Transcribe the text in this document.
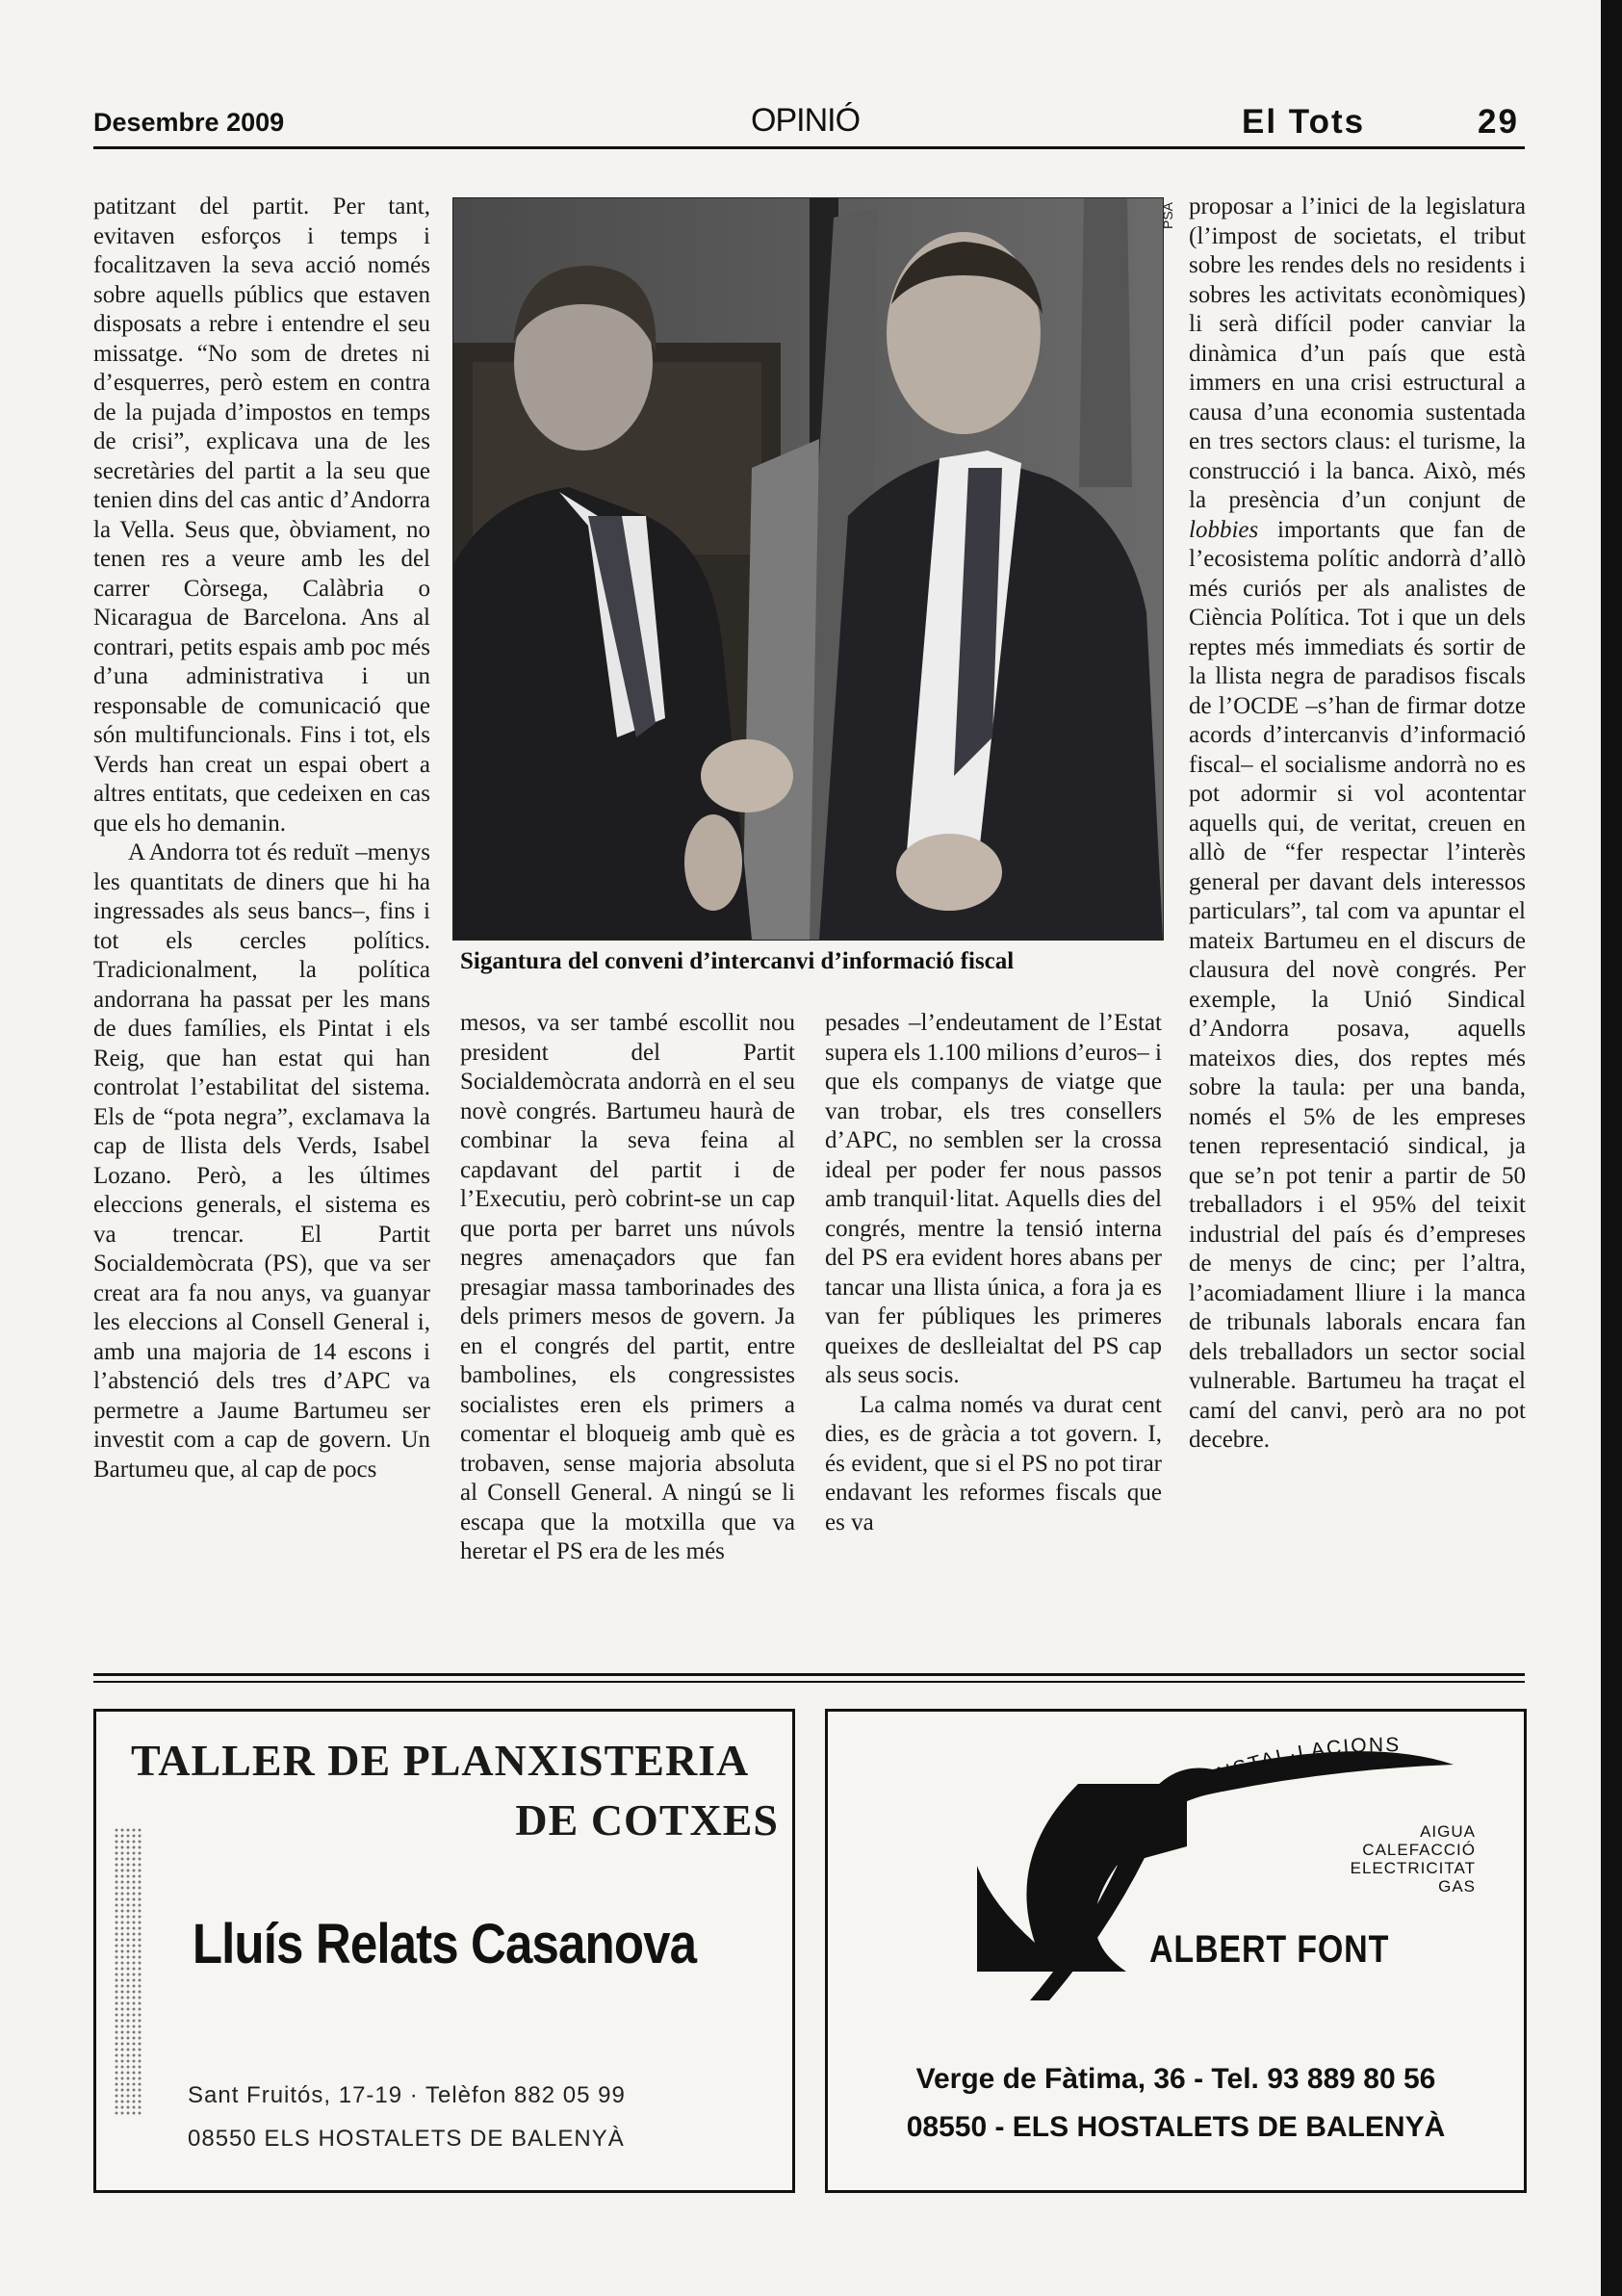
Desembre 2009	OPINIÓ	El Tots	29

patitzant del partit. Per tant, evitaven esforços i temps i focalitzaven la seva acció només sobre aquells públics que estaven disposats a rebre i entendre el seu missatge. “No som de dretes ni d’esquerres, però estem en contra de la pujada d’impostos en temps de crisi”, explicava una de les secretàries del partit a la seu que tenien dins del cas antic d’Andorra la Vella. Seus que, òbviament, no tenen res a veure amb les del carrer Còrsega, Calàbria o Nicaragua de Barcelona. Ans al contrari, petits espais amb poc més d’una administrativa i un responsable de comunicació que són multifuncionals. Fins i tot, els Verds han creat un espai obert a altres entitats, que cedeixen en cas que els ho demanin.

A Andorra tot és reduït –menys les quantitats de diners que hi ha ingressades als seus bancs–, fins i tot els cercles polítics. Tradicionalment, la política andorrana ha passat per les mans de dues famílies, els Pintat i els Reig, que han estat qui han controlat l’estabilitat del sistema. Els de “pota negra”, exclamava la cap de llista dels Verds, Isabel Lozano. Però, a les últimes eleccions generals, el sistema es va trencar. El Partit Socialdemòcrata (PS), que va ser creat ara fa nou anys, va guanyar les eleccions al Consell General i, amb una majoria de 14 escons i l’abstenció dels tres d’APC va permetre a Jaume Bartumeu ser investit com a cap de govern. Un Bartumeu que, al cap de pocs

PSA
Sigantura del conveni d’intercanvi d’informació fiscal

mesos, va ser també escollit nou president del Partit Socialdemòcrata andorrà en el seu novè congrés. Bartumeu haurà de combinar la seva feina al capdavant del partit i de l’Executiu, però cobrint-se un cap que porta per barret uns núvols negres amenaçadors que fan presagiar massa tamborinades des dels primers mesos de govern. Ja en el congrés del partit, entre bambolines, els congressistes socialistes eren els primers a comentar el bloqueig amb què es trobaven, sense majoria absoluta al Consell General. A ningú se li escapa que la motxilla que va heretar el PS era de les més

pesades –l’endeutament de l’Estat supera els 1.100 milions d’euros– i que els companys de viatge que van trobar, els tres consellers d’APC, no semblen ser la crossa ideal per poder fer nous passos amb tranquil·litat. Aquells dies del congrés, mentre la tensió interna del PS era evident hores abans per tancar una llista única, a fora ja es van fer públiques les primeres queixes de deslleialtat del PS cap als seus socis.

La calma només va durat cent dies, es de gràcia a tot govern. I, és evident, que si el PS no pot tirar endavant les reformes fiscals que es va

proposar a l’inici de la legislatura (l’impost de societats, el tribut sobre les rendes dels no residents i sobres les activitats econòmiques) li serà difícil poder canviar la dinàmica d’un país que està immers en una crisi estructural a causa d’una economia sustentada en tres sectors claus: el turisme, la construcció i la banca. Això, més la presència d’un conjunt de lobbies importants que fan de l’ecosistema polític andorrà d’allò més curiós per als analistes de Ciència Política. Tot i que un dels reptes més immediats és sortir de la llista negra de paradisos fiscals de l’OCDE –s’han de firmar dotze acords d’intercanvis d’informació fiscal– el socialisme andorrà no es pot adormir si vol acontentar aquells qui, de veritat, creuen en allò de “fer respectar l’interès general per davant dels interessos particulars”, tal com va apuntar el mateix Bartumeu en el discurs de clausura del novè congrés. Per exemple, la Unió Sindical d’Andorra posava, aquells mateixos dies, dos reptes més sobre la taula: per una banda, només el 5% de les empreses tenen representació sindical, ja que se’n pot tenir a partir de 50 treballadors i el 95% del teixit industrial del país és d’empreses de menys de cinc; per l’altra, l’acomiadament lliure i la manca de tribunals laborals encara fan dels treballadors un sector social vulnerable. Bartumeu ha traçat el camí del canvi, però ara no pot decebre.

TALLER DE PLANXISTERIA
DE COTXES
Lluís Relats Casanova
Sant Fruitós, 17-19 · Telèfon 882 05 99
08550 ELS HOSTALETS DE BALENYÀ
INSTAL·LACIONS
AIGUA
CALEFACCIÓ
ELECTRICITAT
GAS
ALBERT FONT
Verge de Fàtima, 36 - Tel. 93 889 80 56
08550 - ELS HOSTALETS DE BALENYÀ
